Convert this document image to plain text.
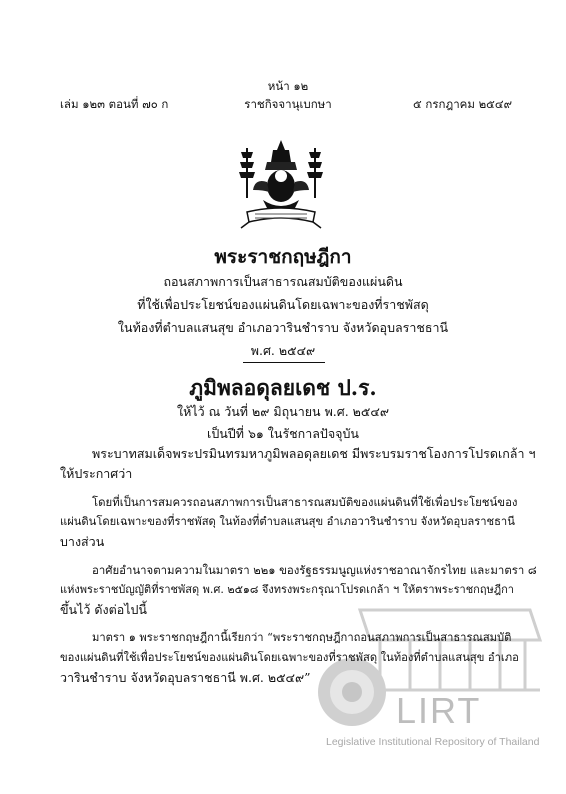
หน้า ๑๒
เล่ม ๑๒๓ ตอนที่ ๗๐ ก	ราชกิจจานุเบกษา	๕ กรกฎาคม ๒๕๔๙
พระราชกฤษฎีกา
ถอนสภาพการเป็นสาธารณสมบัติของแผ่นดิน
ที่ใช้เพื่อประโยชน์ของแผ่นดินโดยเฉพาะของที่ราชพัสดุ
ในท้องที่ตำบลแสนสุข อำเภอวารินชำราบ จังหวัดอุบลราชธานี
พ.ศ. ๒๕๔๙
ภูมิพลอดุลยเดช ป.ร.
ให้ไว้ ณ วันที่ ๒๙ มิถุนายน พ.ศ. ๒๕๔๙
เป็นปีที่ ๖๑ ในรัชกาลปัจจุบัน
LIRT
Legislative Institutional Repository of Thailand
พระบาทสมเด็จพระปรมินทรมหาภูมิพลอดุลยเดช มีพระบรมราชโองการโปรดเกล้า ฯ
ให้ประกาศว่า
โดยที่เป็นการสมควรถอนสภาพการเป็นสาธารณสมบัติของแผ่นดินที่ใช้เพื่อประโยชน์ของ
แผ่นดินโดยเฉพาะของที่ราชพัสดุ ในท้องที่ตำบลแสนสุข อำเภอวารินชำราบ จังหวัดอุบลราชธานี
บางส่วน
อาศัยอำนาจตามความในมาตรา ๒๒๑ ของรัฐธรรมนูญแห่งราชอาณาจักรไทย และมาตรา ๘
แห่งพระราชบัญญัติที่ราชพัสดุ พ.ศ. ๒๕๑๘ จึงทรงพระกรุณาโปรดเกล้า ฯ ให้ตราพระราชกฤษฎีกา
ขึ้นไว้ ดังต่อไปนี้
มาตรา ๑ พระราชกฤษฎีกานี้เรียกว่า “พระราชกฤษฎีกาถอนสภาพการเป็นสาธารณสมบัติ
ของแผ่นดินที่ใช้เพื่อประโยชน์ของแผ่นดินโดยเฉพาะของที่ราชพัสดุ ในท้องที่ตำบลแสนสุข อำเภอ
วารินชำราบ จังหวัดอุบลราชธานี พ.ศ. ๒๕๔๙”
